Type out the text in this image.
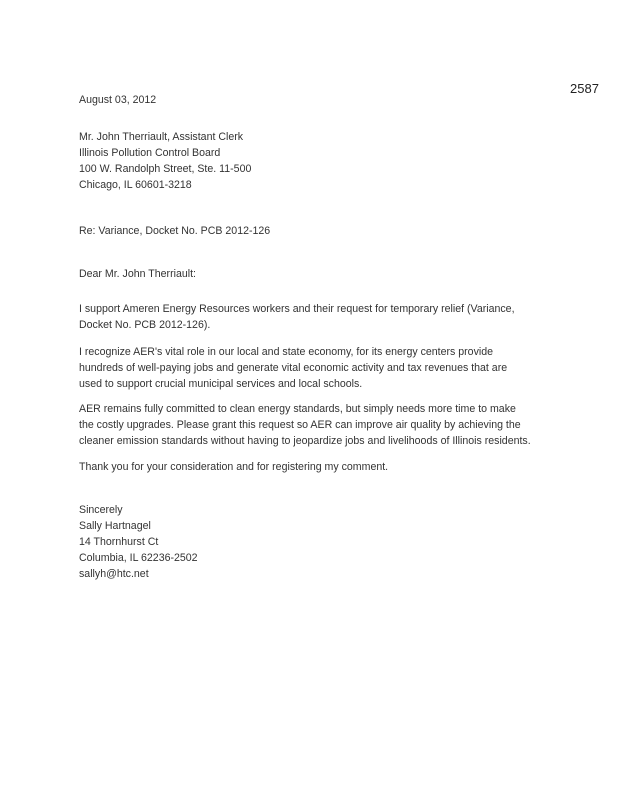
2587
August 03, 2012
Mr. John Therriault, Assistant Clerk
Illinois Pollution Control Board
100 W. Randolph Street, Ste. 11-500
Chicago, IL 60601-3218
Re: Variance, Docket No. PCB 2012-126
Dear Mr. John Therriault:
I support Ameren Energy Resources workers and their request for temporary relief (Variance,
Docket No. PCB 2012-126).
I recognize AER's vital role in our local and state economy, for its energy centers provide
hundreds of well-paying jobs and generate vital economic activity and tax revenues that are
used to support crucial municipal services and local schools.
AER remains fully committed to clean energy standards, but simply needs more time to make
the costly upgrades. Please grant this request so AER can improve air quality by achieving the
cleaner emission standards without having to jeopardize jobs and livelihoods of Illinois residents.
Thank you for your consideration and for registering my comment.
Sincerely
Sally Hartnagel
14 Thornhurst Ct
Columbia, IL 62236-2502
sallyh@htc.net
